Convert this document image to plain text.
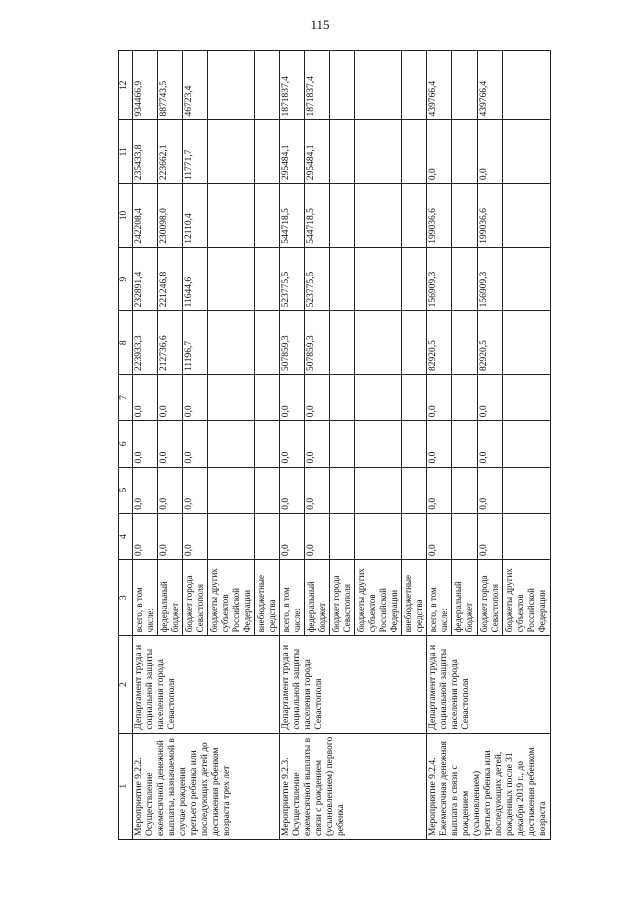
115
1	2	3	4	5	6	7	8	9	10	11	12
Мероприятие 9.2.2. Осуществление ежемесячной денежной выплаты, назначаемой в случае рождения третьего ребенка или последующих детей до достижения ребенком возраста трех лет	Департамент труда и социальной защиты населения города Севастополя	всего, в том числе:	0,0	0,0	0,0	0,0	223933,3	232891,4	242208,4	235433,8	934466,9
		федеральный бюджет	0,0	0,0	0,0	0,0	212736,6	221246,8	230098,0	223662,1	887743,5
		бюджет города Севастополя	0,0	0,0	0,0	0,0	11196,7	11644,6	12110,4	11771,7	46723,4
		бюджеты других субъектов Российской Федерации									
		внебюджетные средства									
Мероприятие 9.2.3. Осуществление ежемесячной выплаты в связи с рождением (усыновлением) первого ребенка	Департамент труда и социальной защиты населения города Севастополя	всего, в том числе:	0,0	0,0	0,0	0,0	507859,3	523775,5	544718,5	295484,1	1871837,4
		федеральный бюджет	0,0	0,0	0,0	0,0	507859,3	523775,5	544718,5	295484,1	1871837,4
		бюджет города Севастополя									
		бюджеты других субъектов Российской Федерации									
		внебюджетные средства									
Мероприятие 9.2.4. Ежемесячная денежная выплата в связи с рождением (усыновлением) третьего ребенка или последующих детей, рожденных после 31 декабря 2019 г., до достижения ребенком возраста	Департамент труда и социальной защиты населения города Севастополя	всего, в том числе:	0,0	0,0	0,0	0,0	82920,5	156909,3	199036,6	0,0	439766,4
		федеральный бюджет									
		бюджет города Севастополя	0,0	0,0	0,0	0,0	82920,5	156909,3	199036,6	0,0	439766,4
		бюджеты других субъектов Российской Федерации									
